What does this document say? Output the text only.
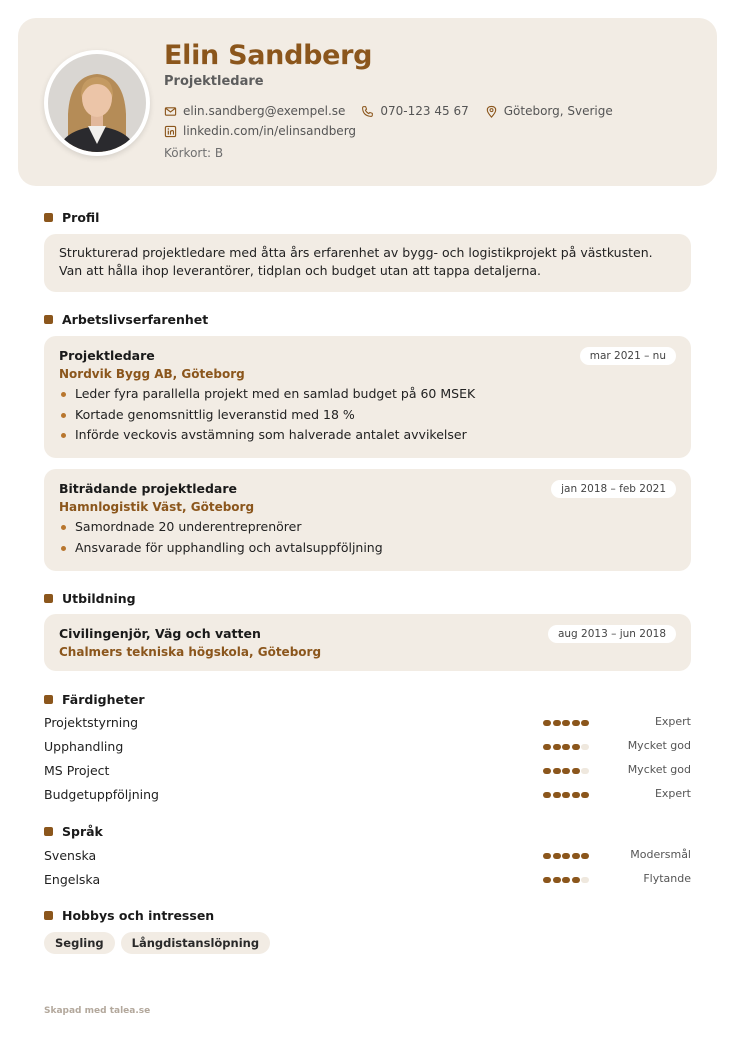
Elin Sandberg
Projektledare
elin.sandberg@exempel.se	070-123 45 67	Göteborg, Sverige
linkedin.com/in/elinsandberg
Körkort: B
Profil
Strukturerad projektledare med åtta års erfarenhet av bygg- och logistikprojekt på västkusten. Van att hålla ihop leverantörer, tidplan och budget utan att tappa detaljerna.
Arbetslivserfarenhet
Projektledare
Nordvik Bygg AB, Göteborg
mar 2021 – nu
Leder fyra parallella projekt med en samlad budget på 60 MSEK
Kortade genomsnittlig leveranstid med 18 %
Införde veckovis avstämning som halverade antalet avvikelser
Biträdande projektledare
Hamnlogistik Väst, Göteborg
jan 2018 – feb 2021
Samordnade 20 underentreprenörer
Ansvarade för upphandling och avtalsuppföljning
Utbildning
Civilingenjör, Väg och vatten
Chalmers tekniska högskola, Göteborg
aug 2013 – jun 2018
Färdigheter
Projektstyrning	Expert
Upphandling	Mycket god
MS Project	Mycket god
Budgetuppföljning	Expert
Språk
Svenska	Modersmål
Engelska	Flytande
Hobbys och intressen
Segling	Långdistanslöpning
Skapad med talea.se
